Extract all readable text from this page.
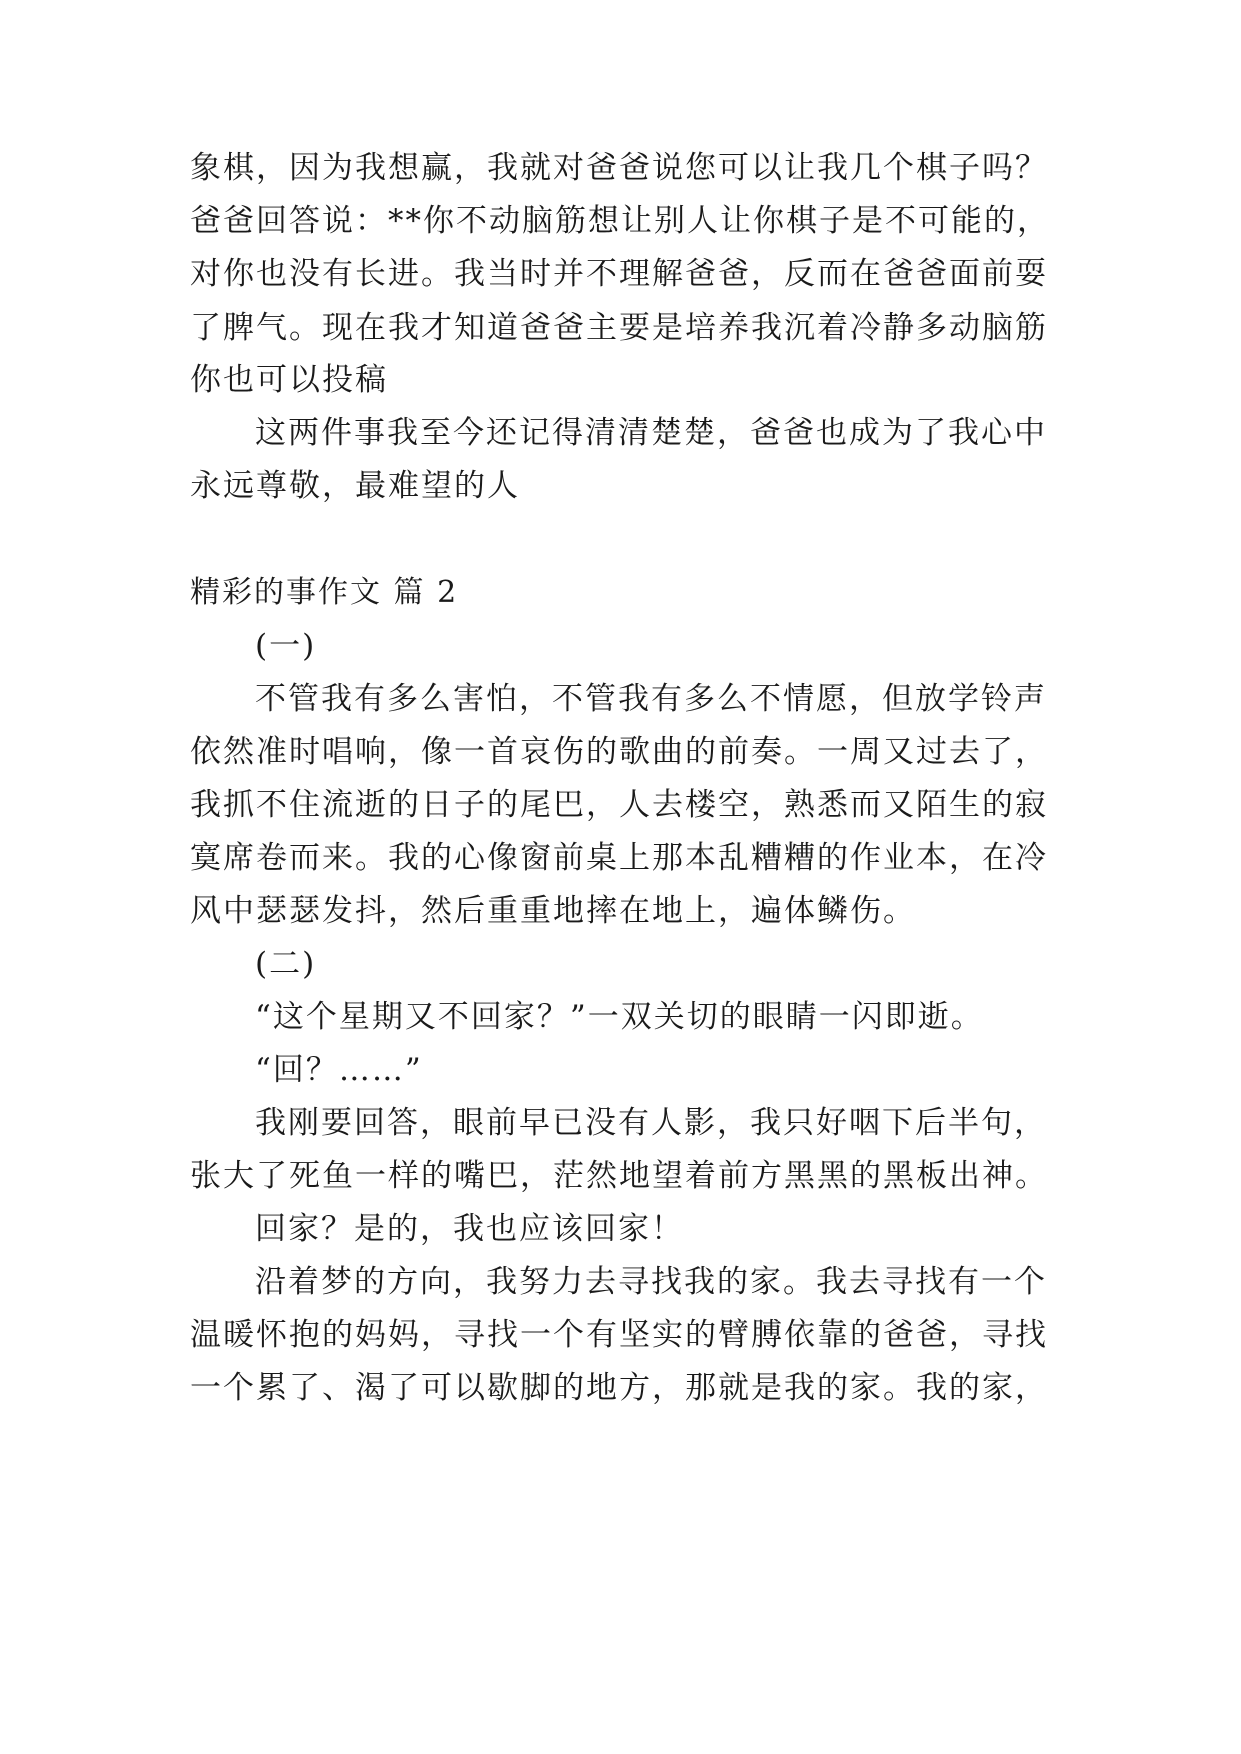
象棋，因为我想赢，我就对爸爸说您可以让我几个棋子吗？
爸爸回答说：**你不动脑筋想让别人让你棋子是不可能的，
对你也没有长进。我当时并不理解爸爸，反而在爸爸面前耍
了脾气。现在我才知道爸爸主要是培养我沉着冷静多动脑筋
你也可以投稿
这两件事我至今还记得清清楚楚，爸爸也成为了我心中
永远尊敬，最难望的人
精彩的事作文 篇 2
(一)
不管我有多么害怕，不管我有多么不情愿，但放学铃声
依然准时唱响，像一首哀伤的歌曲的前奏。一周又过去了，
我抓不住流逝的日子的尾巴，人去楼空，熟悉而又陌生的寂
寞席卷而来。我的心像窗前桌上那本乱糟糟的作业本，在冷
风中瑟瑟发抖，然后重重地摔在地上，遍体鳞伤。
(二)
“这个星期又不回家？”一双关切的眼睛一闪即逝。
“回？……”
我刚要回答，眼前早已没有人影，我只好咽下后半句，
张大了死鱼一样的嘴巴，茫然地望着前方黑黑的黑板出神。
回家？是的，我也应该回家！
沿着梦的方向，我努力去寻找我的家。我去寻找有一个
温暖怀抱的妈妈，寻找一个有坚实的臂膊依靠的爸爸，寻找
一个累了、渴了可以歇脚的地方，那就是我的家。我的家，
